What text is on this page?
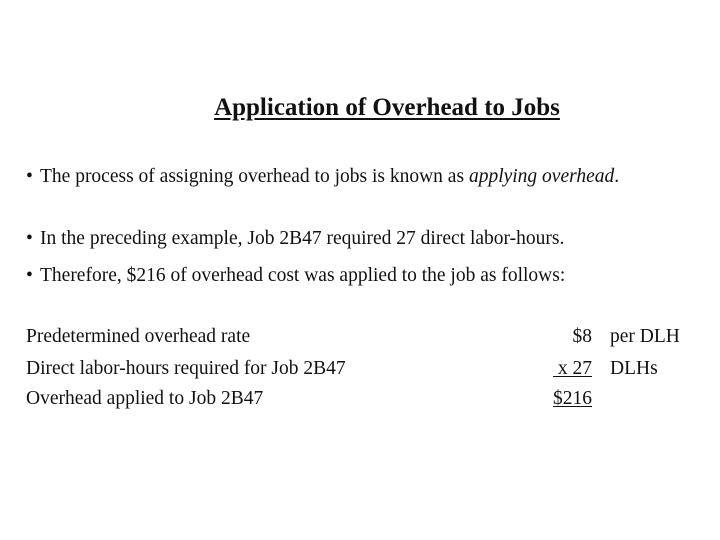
Application of Overhead to Jobs
• The process of assigning overhead to jobs is known as applying overhead.
• In the preceding example, Job 2B47 required 27 direct labor-hours.
• Therefore, $216 of overhead cost was applied to the job as follows:
Predetermined overhead rate	$8 per DLH
Direct labor-hours required for Job 2B47	x 27 DLHs
Overhead applied to Job 2B47	$216
